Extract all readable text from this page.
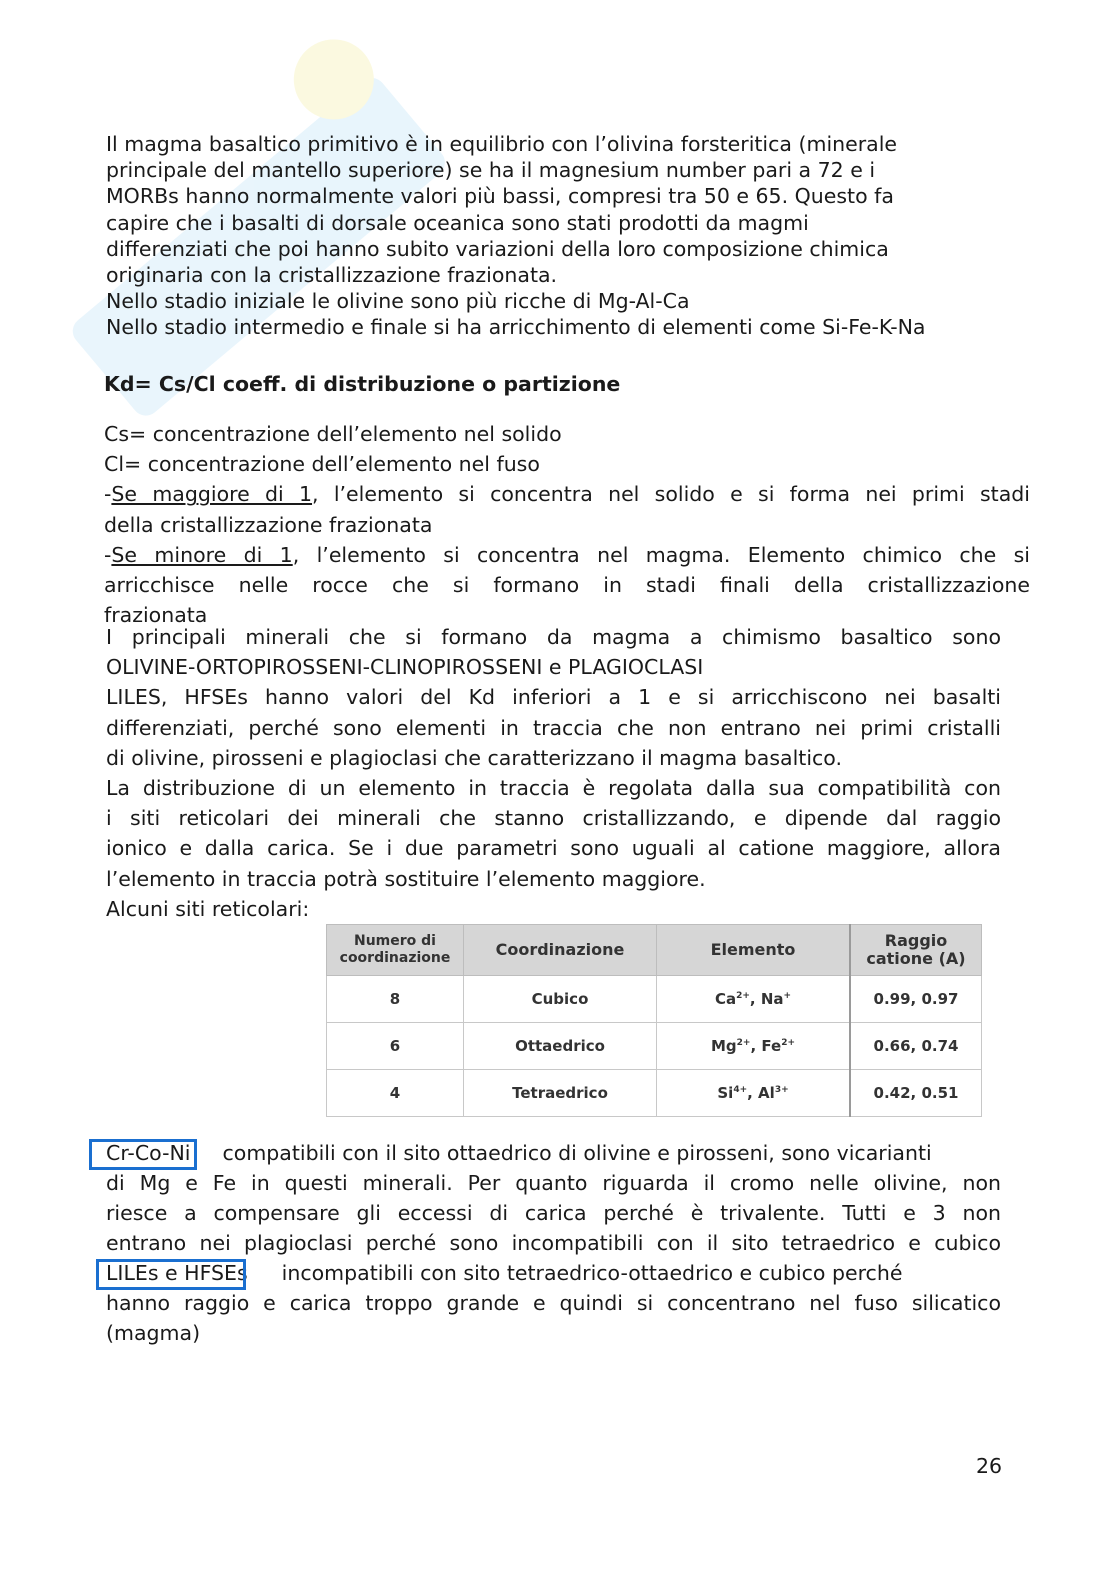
Il magma basaltico primitivo è in equilibrio con l’olivina forsteritica (minerale
principale del mantello superiore) se ha il magnesium number pari a 72 e i
MORBs hanno normalmente valori più bassi, compresi tra 50 e 65. Questo fa
capire che i basalti di dorsale oceanica sono stati prodotti da magmi
differenziati che poi hanno subito variazioni della loro composizione chimica
originaria con la cristallizzazione frazionata.
Nello stadio iniziale le olivine sono più ricche di Mg-Al-Ca
Nello stadio intermedio e finale si ha arricchimento di elementi come Si-Fe-K-Na
Kd= Cs/Cl coeff. di distribuzione o partizione
Cs= concentrazione dell’elemento nel solido
Cl= concentrazione dell’elemento nel fuso
-Se maggiore di 1, l’elemento si concentra nel solido e si forma nei primi stadi
della cristallizzazione frazionata
-Se minore di 1, l’elemento si concentra nel magma. Elemento chimico che si
arricchisce nelle rocce che si formano in stadi finali della cristallizzazione
frazionata
I principali minerali che si formano da magma a chimismo basaltico sono
OLIVINE-ORTOPIROSSENI-CLINOPIROSSENI e PLAGIOCLASI
LILES, HFSEs hanno valori del Kd inferiori a 1 e si arricchiscono nei basalti
differenziati, perché sono elementi in traccia che non entrano nei primi cristalli
di olivine, pirosseni e plagioclasi che caratterizzano il magma basaltico.
La distribuzione di un elemento in traccia è regolata dalla sua compatibilità con
i siti reticolari dei minerali che stanno cristallizzando, e dipende dal raggio
ionico e dalla carica. Se i due parametri sono uguali al catione maggiore, allora
l’elemento in traccia potrà sostituire l’elemento maggiore.
Alcuni siti reticolari:
Numero di
coordinazione	Coordinazione	Elemento	Raggio
catione (A)
8	Cubico	$Ca^{2+}$, Na+	0.99, 0.97
6	Ottaedrico	$Mg^{2+}$, $Fe^{2+}$	0.66, 0.74
4	Tetraedrico	$Si^{4+}$, $Al^{3+}$	0.42, 0.51
Cr-Co-Ni compatibili con il sito ottaedrico di olivine e pirosseni, sono vicarianti
di Mg e Fe in questi minerali. Per quanto riguarda il cromo nelle olivine, non
riesce a compensare gli eccessi di carica perché è trivalente. Tutti e 3 non
entrano nei plagioclasi perché sono incompatibili con il sito tetraedrico e cubico
LILEs e HFSEs incompatibili con sito tetraedrico-ottaedrico e cubico perché
hanno raggio e carica troppo grande e quindi si concentrano nel fuso silicatico
(magma)
26
